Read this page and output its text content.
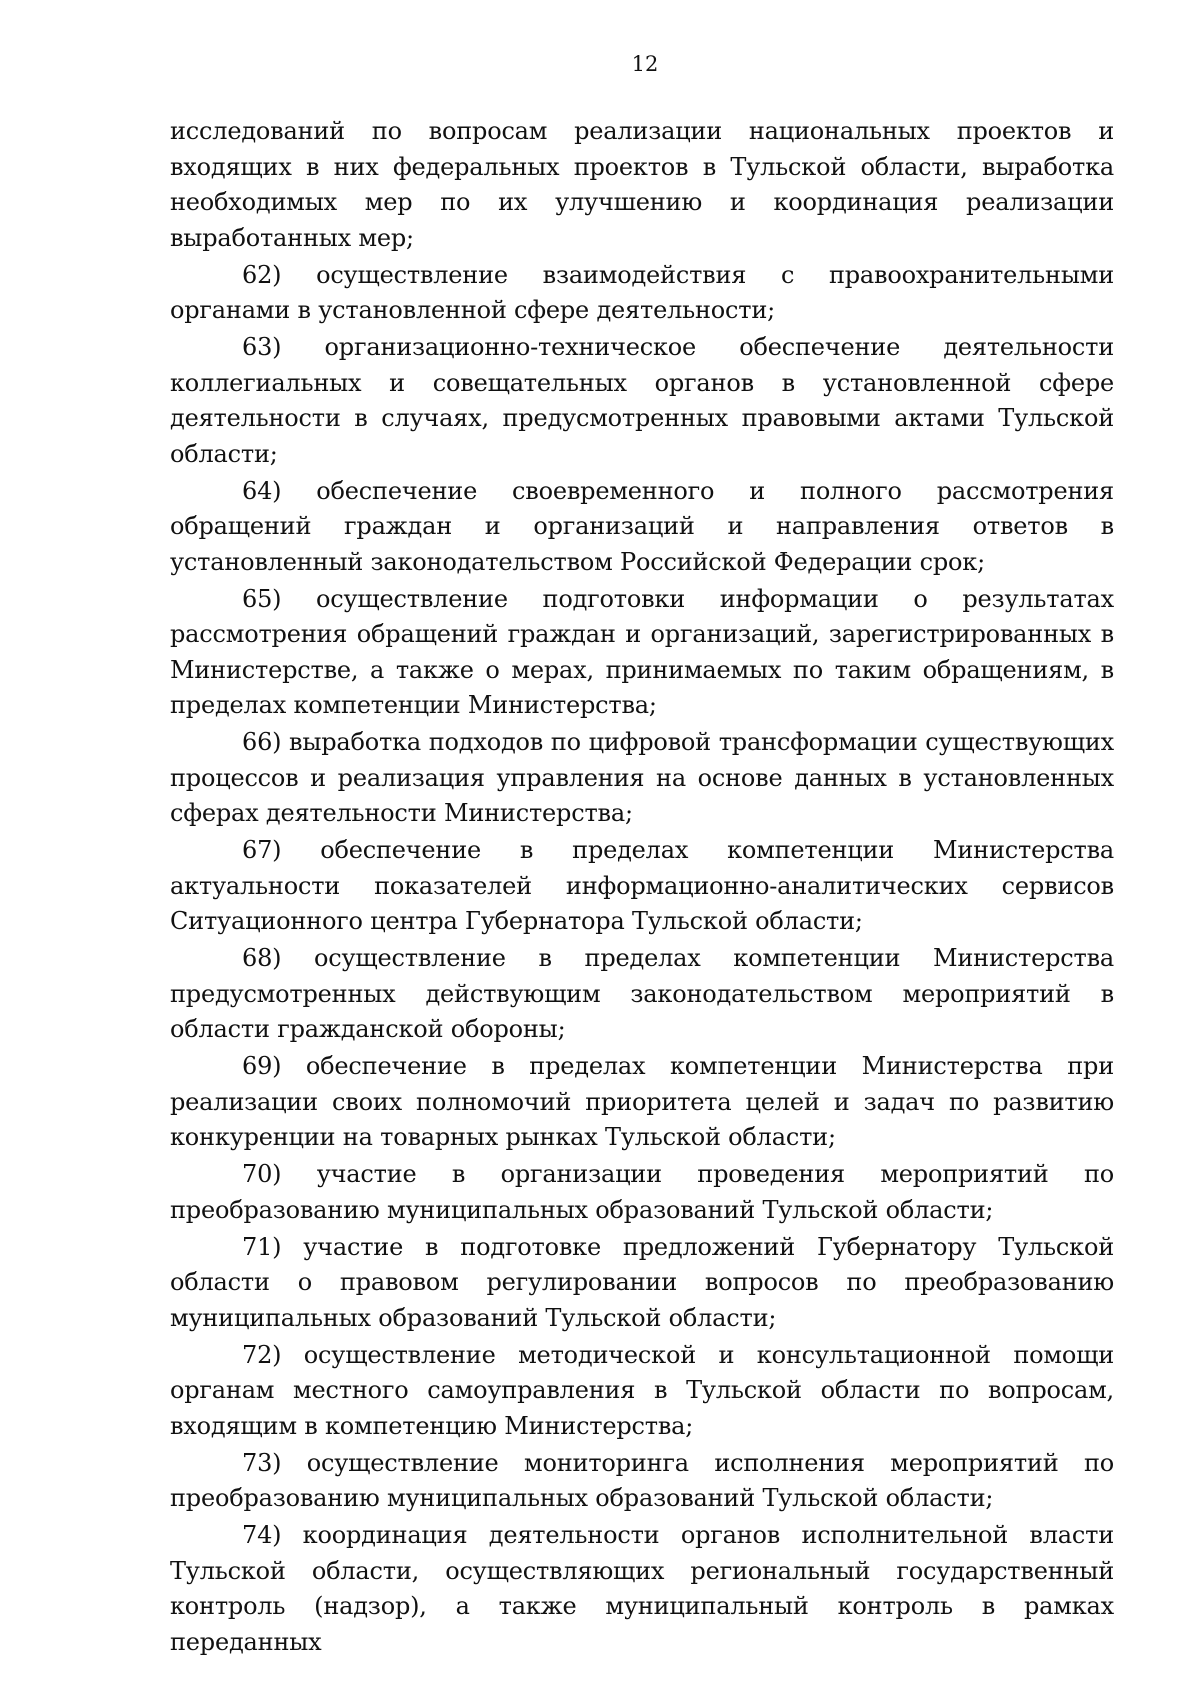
12

исследований по вопросам реализации национальных проектов и входящих в них федеральных проектов в Тульской области, выработка необходимых мер по их улучшению и координация реализации выработанных мер;

62) осуществление взаимодействия с правоохранительными органами в установленной сфере деятельности;

63) организационно-техническое обеспечение деятельности коллегиальных и совещательных органов в установленной сфере деятельности в случаях, предусмотренных правовыми актами Тульской области;

64) обеспечение своевременного и полного рассмотрения обращений граждан и организаций и направления ответов в установленный законодательством Российской Федерации срок;

65) осуществление подготовки информации о результатах рассмотрения обращений граждан и организаций, зарегистрированных в Министерстве, а также о мерах, принимаемых по таким обращениям, в пределах компетенции Министерства;

66) выработка подходов по цифровой трансформации существующих процессов и реализация управления на основе данных в установленных сферах деятельности Министерства;

67) обеспечение в пределах компетенции Министерства актуальности показателей информационно-аналитических сервисов Ситуационного центра Губернатора Тульской области;

68) осуществление в пределах компетенции Министерства предусмотренных действующим законодательством мероприятий в области гражданской обороны;

69) обеспечение в пределах компетенции Министерства при реализации своих полномочий приоритета целей и задач по развитию конкуренции на товарных рынках Тульской области;

70) участие в организации проведения мероприятий по преобразованию муниципальных образований Тульской области;

71) участие в подготовке предложений Губернатору Тульской области о правовом регулировании вопросов по преобразованию муниципальных образований Тульской области;

72) осуществление методической и консультационной помощи органам местного самоуправления в Тульской области по вопросам, входящим в компетенцию Министерства;

73) осуществление мониторинга исполнения мероприятий по преобразованию муниципальных образований Тульской области;

74) координация деятельности органов исполнительной власти Тульской области, осуществляющих региональный государственный контроль (надзор), а также муниципальный контроль в рамках переданных
